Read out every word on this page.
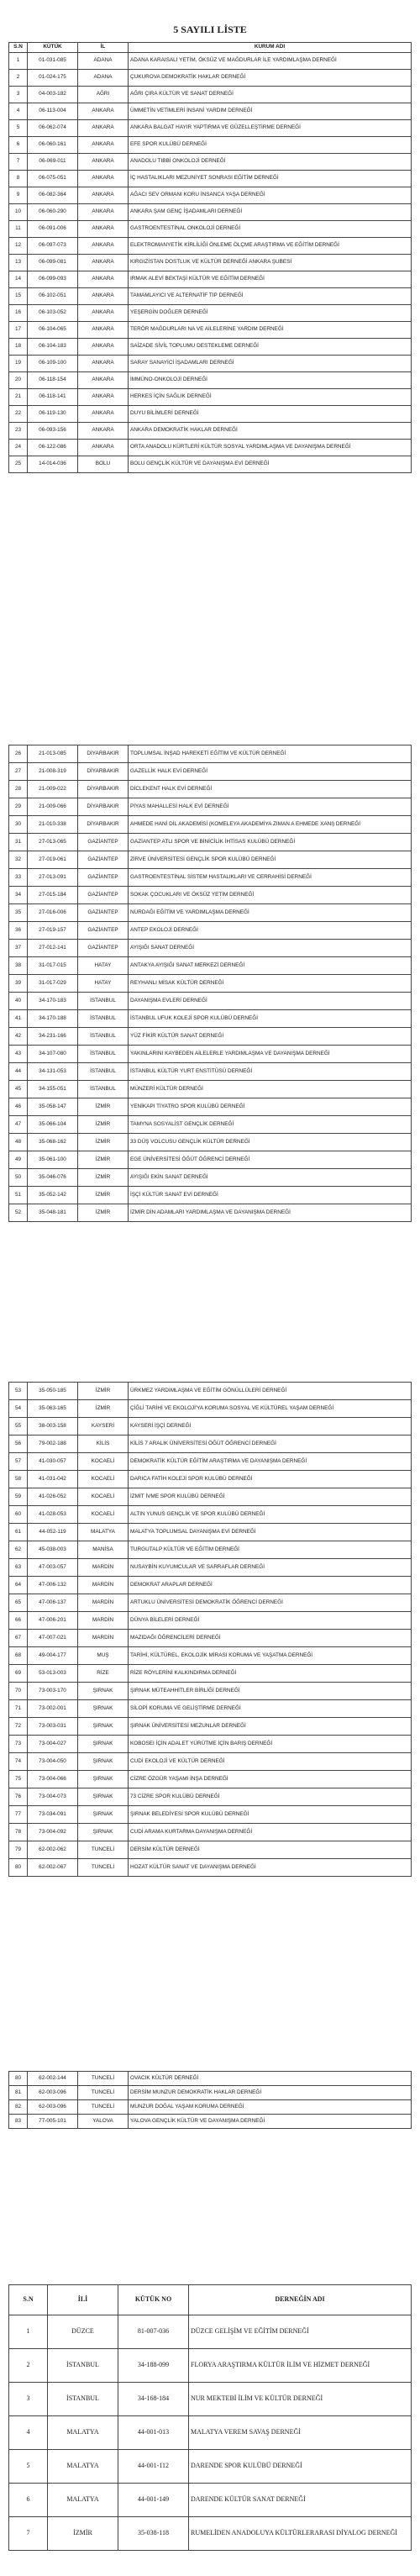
5 SAYILI LİSTE
S.N	KÜTÜK	İL	KURUM ADI
1	01-031-085	ADANA	ADANA KARAISALI YETİM, ÖKSÜZ VE MAĞDURLAR İLE YARDIMLAŞMA DERNEĞİ
2	01-024-175	ADANA	ÇUKUROVA DEMOKRATİK HAKLAR DERNEĞİ
3	04-003-182	AĞRI	AĞRI ÇIRA KÜLTÜR VE SANAT DERNEĞİ
4	06-113-004	ANKARA	ÜMMETİN VETİMLERİ İNSANİ YARDIM DERNEĞİ
5	06-062-074	ANKARA	ANKARA BALGAT HAYIR YAPTIRMA VE GÜZELLEŞTİRME DERNEĞİ
6	06-060-161	ANKARA	EFE SPOR KULÜBÜ DERNEĞİ
7	06-069-011	ANKARA	ANADOLU TIBBİ ONKOLOJİ DERNEĞİ
8	06-075-051	ANKARA	İÇ HASTALIKLARI MEZUNİYET SONRASI EĞİTİM DERNEĞİ
9	06-082-364	ANKARA	AĞACI SEV ORMANI KORU İNSANCA YAŞA DERNEĞİ
10	06-060-290	ANKARA	ANKARA ŞAM GENÇ İŞADAMLARI DERNEĞİ
11	06-091-006	ANKARA	GASTROENTESTİNAL ONKOLOJİ DERNEĞİ
12	06-097-073	ANKARA	ELEKTROMANYETİK KİRLİLİĞİ ÖNLEME ÖLÇME ARAŞTIRMA VE EĞİTİM DERNEĞİ
13	06-099-081	ANKARA	KIRGIZİSTAN DOSTLUK VE KÜLTÜR DERNEĞİ ANKARA ŞUBESİ
14	06-099-093	ANKARA	IRMAK ALEVİ BEKTAŞİ KÜLTÜR VE EĞİTİM DERNEĞİ
15	06-102-051	ANKARA	TAMAMLAYICI VE ALTERNATİF TIP DERNEĞİ
16	06-103-052	ANKARA	YEŞERGİN DOĞLER DERNEĞİ
17	06-104-065	ANKARA	TERÖR MAĞDURLARI NA VE AİLELERİNE YARDIM DERNEĞİ
18	06-104-183	ANKARA	SAİZADE SİVİL TOPLUMU DESTEKLEME DERNEĞİ
19	06-109-100	ANKARA	SARAY SANAYİCİ İŞADAMLARI DERNEĞİ
20	06-118-154	ANKARA	İMMÜNO-ONKOLOJİ DERNEĞİ
21	06-118-141	ANKARA	HERKES İÇİN SAĞLIK DERNEĞİ
22	06-119-130	ANKARA	DUYU BİLİMLERİ DERNEĞİ
23	06-093-156	ANKARA	ANKARA DEMOKRATİK HAKLAR DERNEĞİ
24	06-122-086	ANKARA	ORTA ANADOLU KÜRTLERİ KÜLTÜR SOSYAL YARDIMLAŞMA VE DAYANIŞMA DERNEĞİ
25	14-014-036	BOLU	BOLU GENÇLİK KÜLTÜR VE DAYANIŞMA EVİ DERNEĞİ
26	21-013-085	DİYARBAKIR	TOPLUMSAL İNŞAD HAREKETİ EĞİTİM VE KÜLTÜR DERNEĞİ
27	21-008-319	DİYARBAKIR	GAZELLİK HALK EVİ DERNEĞİ
28	21-009-022	DİYARBAKIR	DİCLEKENT HALK EVİ DERNEĞİ
29	21-009-066	DİYARBAKIR	PİYAS MAHALLESİ HALK EVİ DERNEĞİ
30	21-010-338	DİYARBAKIR	AHMEDE HANİ DİL AKADEMİSİ (KOMELEYA AKADEMİYA ZIMAN A EHMEDE XANI) DERNEĞİ
31	27-013-065	GAZİANTEP	GAZİANTEP ATLI SPOR VE BİNİCİLİK İHTİSAS KULÜBÜ DERNEĞİ
32	27-019-061	GAZİANTEP	ZİRVE ÜNİVERSİTESİ GENÇLİK SPOR KULÜBÜ DERNEĞİ
33	27-013-091	GAZİANTEP	GASTROENTESTİNAL SİSTEM HASTALIKLARI VE CERRAHİSİ DERNEĞİ
34	27-015-184	GAZİANTEP	SOKAK ÇOCUKLARI VE ÖKSÜZ YETİM DERNEĞİ
35	27-016-006	GAZİANTEP	NURDAĞI EĞİTİM VE YARDIMLAŞMA DERNEĞİ
36	27-019-157	GAZİANTEP	ANTEP EKOLOJİ DERNEĞİ
37	27-012-141	GAZİANTEP	AYIŞIĞI SANAT DERNEĞİ
38	31-017-015	HATAY	ANTAKYA AYIŞIĞI SANAT MERKEZİ DERNEĞİ
39	31-017-029	HATAY	REYHANLI MİSAK KÜLTÜR DERNEĞİ
40	34-170-183	İSTANBUL	DAYANIŞMA EVLERİ DERNEĞİ
41	34-170-188	İSTANBUL	İSTANBUL UFUK KOLEJİ SPOR KULÜBÜ DERNEĞİ
42	34-231-166	İSTANBUL	YÜZ FİKİR KÜLTÜR SANAT DERNEĞİ
43	34-107-080	İSTANBUL	YAKINLARINI KAYBEDEN AİLELERLE YARDIMLAŞMA VE DAYANIŞMA DERNEĞİ
44	34-131-053	İSTANBUL	İSTANBUL KÜLTÜR YURT ENSTİTÜSÜ DERNEĞİ
45	34-155-051	İSTANBUL	MÜNZERİ KÜLTÜR DERNEĞİ
46	35-058-147	İZMİR	YENİKAPI TİYATRO SPOR KULÜBÜ DERNEĞİ
47	35-066-104	İZMİR	TAMYNA SOSYALİST GENÇLİK DERNEĞİ
48	35-068-162	İZMİR	33 DÜŞ VOLCUSU GENÇLİK KÜLTÜR DERNEĞİ
49	35-061-100	İZMİR	EGE ÜNİVERSİTESİ ÖĞÜT ÖĞRENCİ DERNEĞİ
50	35-046-076	İZMİR	AYIŞIĞI EKİN SANAT DERNEĞİ
51	35-052-142	İZMİR	İŞÇİ KÜLTÜR SANAT EVİ DERNEĞİ
52	35-048-181	İZMİR	İZMİR DİN ADAMLARI YARDIMLAŞMA VE DAYANIŞMA DERNEĞİ
53	35-050-185	İZMİR	ÜRKMEZ YARDIMLAŞMA VE EĞİTİM GÖNÜLLÜLERİ DERNEĞİ
54	35-063-165	İZMİR	ÇİĞLİ TARİHİ VE EKOLOJİ'YA KORUMA SOSYAL VE KÜLTÜREL YAŞAM DERNEĞİ
55	38-003-158	KAYSERİ	KAYSERİ İŞÇİ DERNEĞİ
56	79-002-188	KİLİS	KİLİS 7 ARALIK ÜNİVERSİTESİ ÖĞÜT ÖĞRENCİ DERNEĞİ
57	41-030-057	KOCAELİ	DEMOKRATİK KÜLTÜR EĞİTİM ARAŞTIRMA VE DAYANIŞMA DERNEĞİ
58	41-031-042	KOCAELİ	DARICA FATİH KOLEJİ SPOR KULÜBÜ DERNEĞİ
59	41-026-052	KOCAELİ	İZMİT İVME SPOR KULÜBÜ DERNEĞİ
60	41-028-053	KOCAELİ	ALTIN YUNUS GENÇLİK VE SPOR KULÜBÜ DERNEĞİ
61	44-052-119	MALATYA	MALATYA TOPLUMSAL DAYANIŞMA EVİ DERNEĞİ
62	45-038-003	MANİSA	TURGUTALP KÜLTÜR VE EĞİTİM DERNEĞİ
63	47-003-057	MARDİN	NUSAYBİN KUYUMCULAR VE SARRAFLAR DERNEĞİ
64	47-006-132	MARDİN	DEMOKRAT ARAPLAR DERNEĞİ
65	47-006-137	MARDİN	ARTUKLU ÜNİVERSİTESİ DEMOKRATİK ÖĞRENCİ DERNEĞİ
66	47-006-201	MARDİN	DÜNYA BİLELERİ DERNEĞİ
67	47-007-021	MARDİN	MAZIDAĞI ÖĞRENCİLERİ DERNEĞİ
68	49-004-177	MUŞ	TARİHİ, KÜLTÜREL, EKOLOJİK MİRASI KORUMA VE YAŞATMA DERNEĞİ
69	53-013-003	RİZE	RİZE RÖYLERİNİ KALKINDIRMA DERNEĞİ
70	73-003-170	ŞIRNAK	ŞIRNAK MÜTEAHHİTLER BİRLİĞİ DERNEĞİ
71	73-002-001	ŞIRNAK	SİLOPİ KORUMA VE GELİŞTİRME DERNEĞİ
72	73-003-031	ŞIRNAK	ŞIRNAK ÜNİVERSİTESİ MEZUNLAR DERNEĞİ
73	73-004-027	ŞIRNAK	KOBOSEI İÇİN ADALET YÜRÜTME İÇİN BARIŞ DERNEĞİ
74	73-004-050	ŞIRNAK	CUDİ EKOLOJİ VE KÜLTÜR DERNEĞİ
75	73-004-066	ŞIRNAK	CİZRE ÖZGÜR YAŞAMI İNŞA DERNEĞİ
76	73-004-073	ŞIRNAK	73 CİZRE SPOR KULÜBÜ DERNEĞİ
77	73-034-091	ŞIRNAK	ŞIRNAK BELEDİYESİ SPOR KULÜBÜ DERNEĞİ
78	73-004-092	ŞIRNAK	CUDİ ARAMA KURTARMA DAYANIŞMA DERNEĞİ
79	62-002-062	TUNCELİ	DERSİM KÜLTÜR DERNEĞİ
80	62-002-067	TUNCELİ	HOZAT KÜLTÜR SANAT VE DAYANIŞMA DERNEĞİ
80	62-002-144	TUNCELİ	OVACIK KÜLTÜR DERNEĞİ
81	62-003-096	TUNCELİ	DERSİM MUNZUR DEMOKRATİK HAKLAR DERNEĞİ
82	62-003-096	TUNCELİ	MUNZUR DOĞAL YAŞAM KORUMA DERNEĞİ
83	77-005-101	YALOVA	YALOVA GENÇLİK KÜLTÜR VE DAYANIŞMA DERNEĞİ
S.N	İLİ	KÜTÜK NO	DERNEĞİN ADI
1	DÜZCE	81-007-036	DÜZCE GELİŞİM VE EĞİTİM DERNEĞİ
2	İSTANBUL	34-188-099	FLORYA ARAŞTIRMA KÜLTÜR İLİM VE HİZMET DERNEĞİ
3	İSTANBUL	34-168-184	NUR MEKTEBİ İLİM VE KÜLTÜR DERNEĞİ
4	MALATYA	44-001-013	MALATYA VEREM SAVAŞ DERNEĞİ
5	MALATYA	44-001-112	DARENDE SPOR KULÜBÜ DERNEĞİ
6	MALATYA	44-001-149	DARENDE KÜLTÜR SANAT DERNEĞİ
7	İZMİR	35-038-118	RUMELİDEN ANADOLUYA KÜLTÜRLERARASI DİYALOG DERNEĞİ
